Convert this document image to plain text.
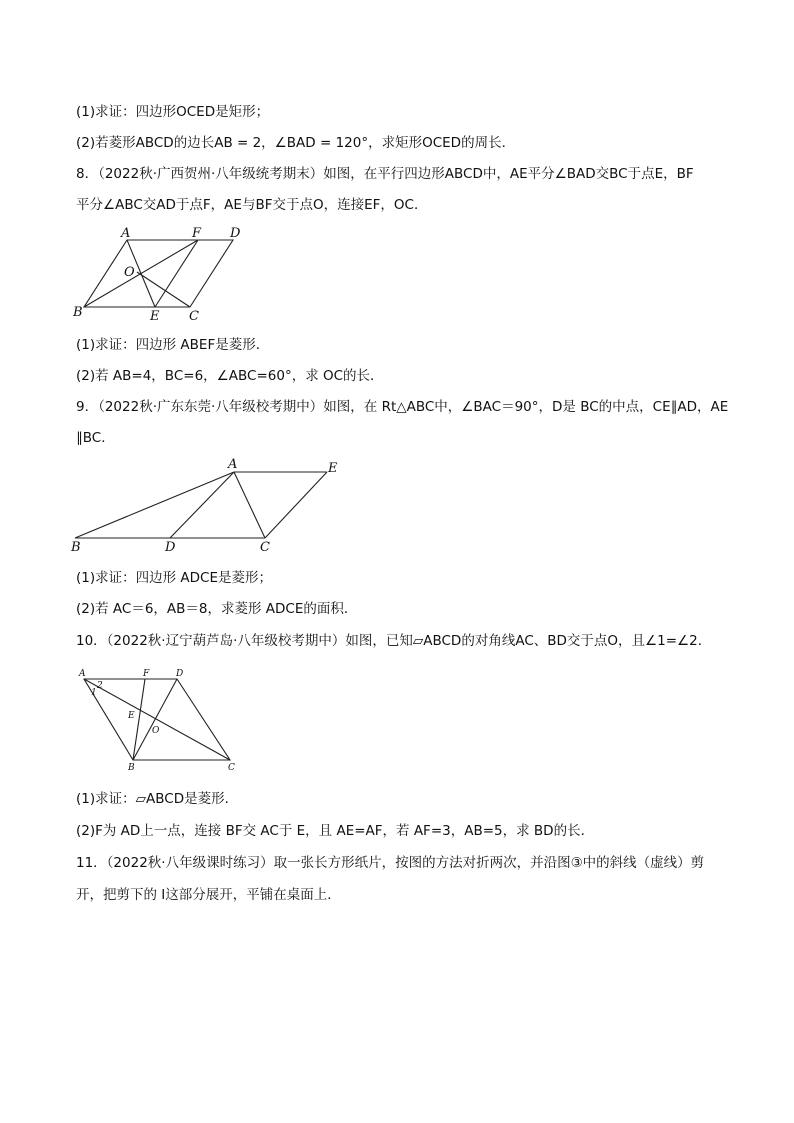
(1)求证：四边形OCED是矩形；
(2)若菱形ABCD的边长AB = 2，∠BAD = 120°，求矩形OCED的周长．
8．（2022秋·广西贺州·八年级统考期末）如图，在平行四边形ABCD中，AE平分∠BAD交BC于点E，BF
平分∠ABC交AD于点F，AE与BF交于点O，连接EF，OC．
A	F D
O
B	E C
(1)求证：四边形 ABEF是菱形．
(2)若 AB=4，BC=6，∠ABC=60°，求 OC的长．
9．（2022秋·广东东莞·八年级校考期中）如图，在 Rt△ABC中，∠BAC＝90°，D是 BC的中点，CE∥AD，AE
∥BC．
A	E
B	D	C
(1)求证：四边形 ADCE是菱形；
(2)若 AC＝6，AB＝8，求菱形 ADCE的面积．
10．（2022秋·辽宁葫芦岛·八年级校考期中）如图，已知▱ABCD的对角线AC、BD交于点O，且∠1=∠2．
A	F	D
2
1
E
O
B	C
(1)求证：▱ABCD是菱形．
(2)F为 AD上一点，连接 BF交 AC于 E，且 AE=AF，若 AF=3，AB=5，求 BD的长．
11．（2022秋·八年级课时练习）取一张长方形纸片，按图的方法对折两次，并沿图③中的斜线（虚线）剪
开，把剪下的 I这部分展开，平铺在桌面上．
